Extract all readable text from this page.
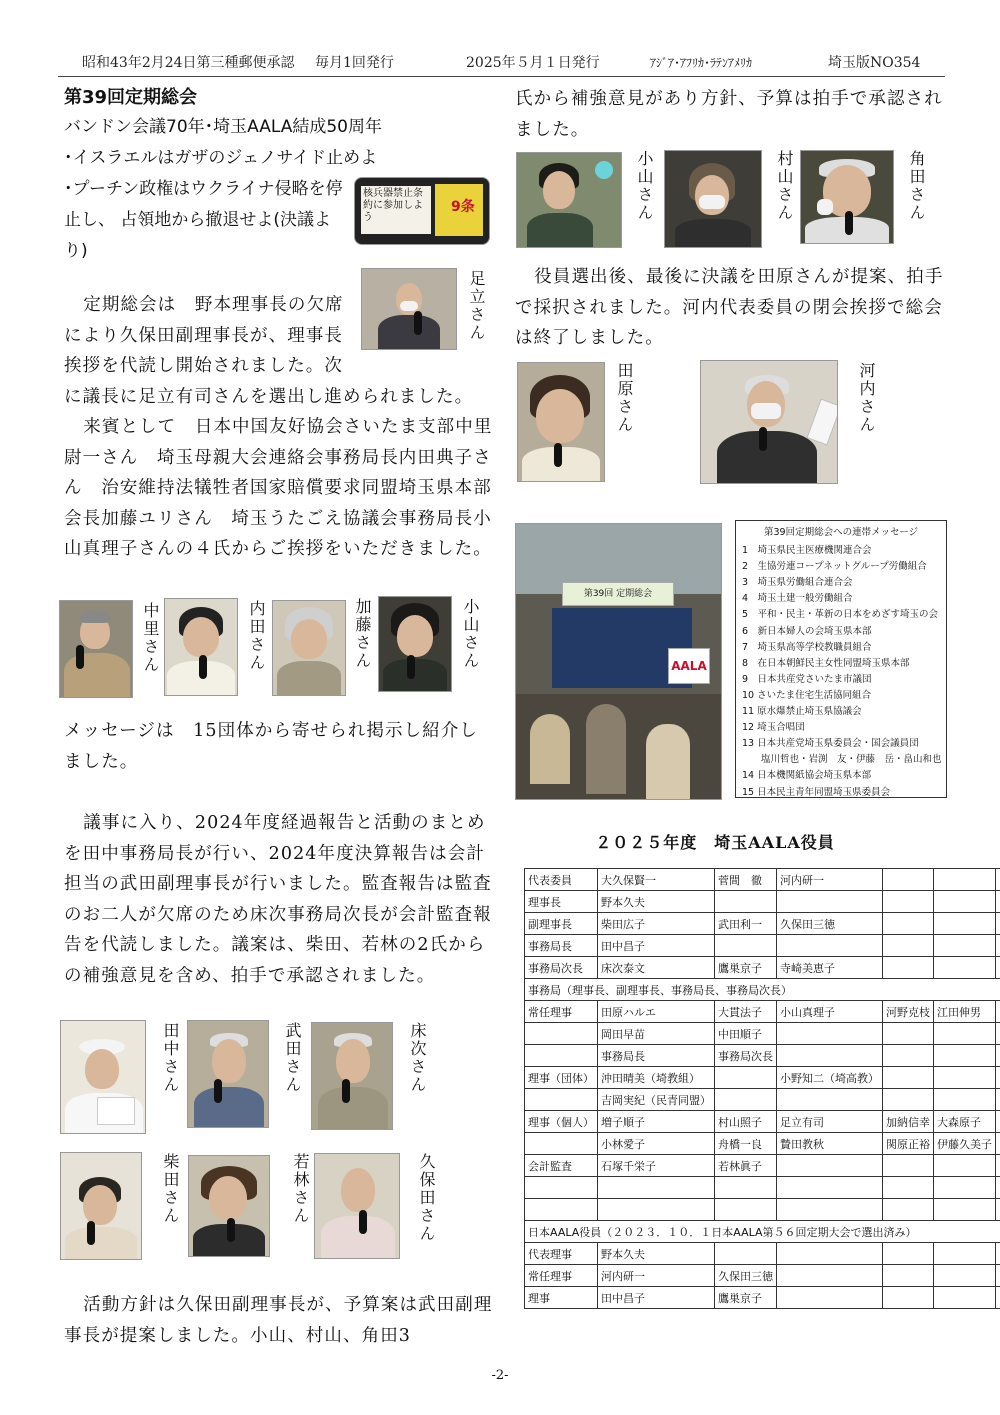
昭和43年2月24日第三種郵便承認 毎月1回発行	2025年５月１日発行	ｱｼﾞｱ･ｱﾌﾘｶ･ﾗﾃﾝｱﾒﾘｶ	埼玉版NO354
第39回定期総会
バンドン会議70年･埼玉AALA結成50周年
･イスラエルはガザのジェノサイド止めよ
･プーチン政権はウクライナ侵略を停止し、 占領地から撤退せよ(決議より)
核兵器禁止条約に参加しよう
9条
足立さん

定期総会は　野本理事長の欠席により久保田副理事長が、理事長挨拶を代読し開始されました。次に議長に足立有司さんを選出し進められました。

来賓として　日本中国友好協会さいたま支部中里尉一さん　埼玉母親大会連絡会事務局長内田典子さん　治安維持法犠牲者国家賠償要求同盟埼玉県本部会長加藤ユリさん　埼玉うたごえ協議会事務局長小山真理子さんの４氏からご挨拶をいただきました。

中里さん	内田さん	加藤さん	小山さん

メッセージは　15団体から寄せられ掲示し紹介しました。

議事に入り、2024年度経過報告と活動のまとめを田中事務局長が行い、2024年度決算報告は会計担当の武田副理事長が行いました。監査報告は監査のお二人が欠席のため床次事務局次長が会計監査報告を代読しました。議案は、柴田、若林の2氏からの補強意見を含め、拍手で承認されました。

田中さん	武田さん	床次さん
柴田さん	若林さん	久保田さん

活動方針は久保田副理事長が、予算案は武田副理事長が提案しました。小山、村山、角田3

氏から補強意見があり方針、予算は拍手で承認されました。

小山さん	村山さん	角田さん

役員選出後、最後に決議を田原さんが提案、拍手で採択されました。河内代表委員の閉会挨拶で総会は終了しました。

田原さん	河内さん
第39回 定期総会
AALA
第39回定期総会への連帯メッセージ
1　埼玉県民主医療機関連合会
2　生協労連コープネットグループ労働組合
3　埼玉県労働組合連合会
4　埼玉土建一般労働組合
5　平和・民主・革新の日本をめざす埼玉の会
6　新日本婦人の会埼玉県本部
7　埼玉県高等学校教職員組合
8　在日本朝鮮民主女性同盟埼玉県本部
9　日本共産党さいたま市議団
10 さいたま住宅生活協同組合
11 原水爆禁止埼玉県協議会
12 埼玉合唱団
13 日本共産党埼玉県委員会・国会議員団
　　塩川哲也・岩渕　友・伊藤　岳・畠山和也
14 日本機関紙協会埼玉県本部
15 日本民主青年同盟埼玉県委員会
２０２５年度　埼玉AALA役員
代表委員	大久保賢一	菅間　徹	河内研一			
理事長	野本久夫					
副理事長	柴田広子	武田利一	久保田三徳			
事務局長	田中昌子					
事務局次長	床次泰文	鷹巣京子	寺崎美恵子			
事務局（理事長、副理事長、事務局長、事務局次長）						
常任理事	田原ハルエ	大貫法子	小山真理子	河野克枝	江田伸男	
	岡田早苗	中田順子				
	事務局長	事務局次長				
理事（団体）	沖田晴美（埼教組）		小野知二（埼高教）			
	吉岡実紀（民青同盟）					
理事（個人）	増子順子	村山照子	足立有司	加納信幸	大森原子	
	小林愛子	舟橋一良	贄田教秋	関原正裕	伊藤久美子	
会計監査	石塚千栄子	若林眞子				

日本AALA役員（２０２３．１０．１日本AALA第５６回定期大会で選出済み）						
代表理事	野本久夫					
常任理事	河内研一	久保田三徳				
理事	田中昌子	鷹巣京子				
-2-
